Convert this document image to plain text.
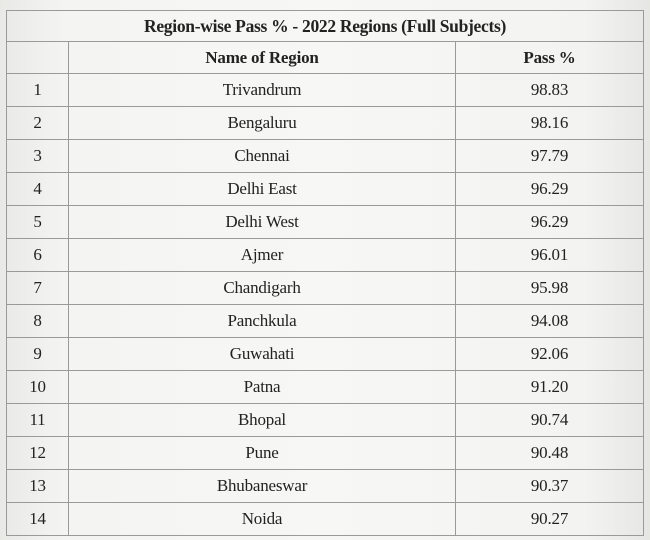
Region-wise Pass % - 2022 Regions (Full Subjects)		
	Name of Region	Pass %
1	Trivandrum	98.83
2	Bengaluru	98.16
3	Chennai	97.79
4	Delhi East	96.29
5	Delhi West	96.29
6	Ajmer	96.01
7	Chandigarh	95.98
8	Panchkula	94.08
9	Guwahati	92.06
10	Patna	91.20
11	Bhopal	90.74
12	Pune	90.48
13	Bhubaneswar	90.37
14	Noida	90.27
